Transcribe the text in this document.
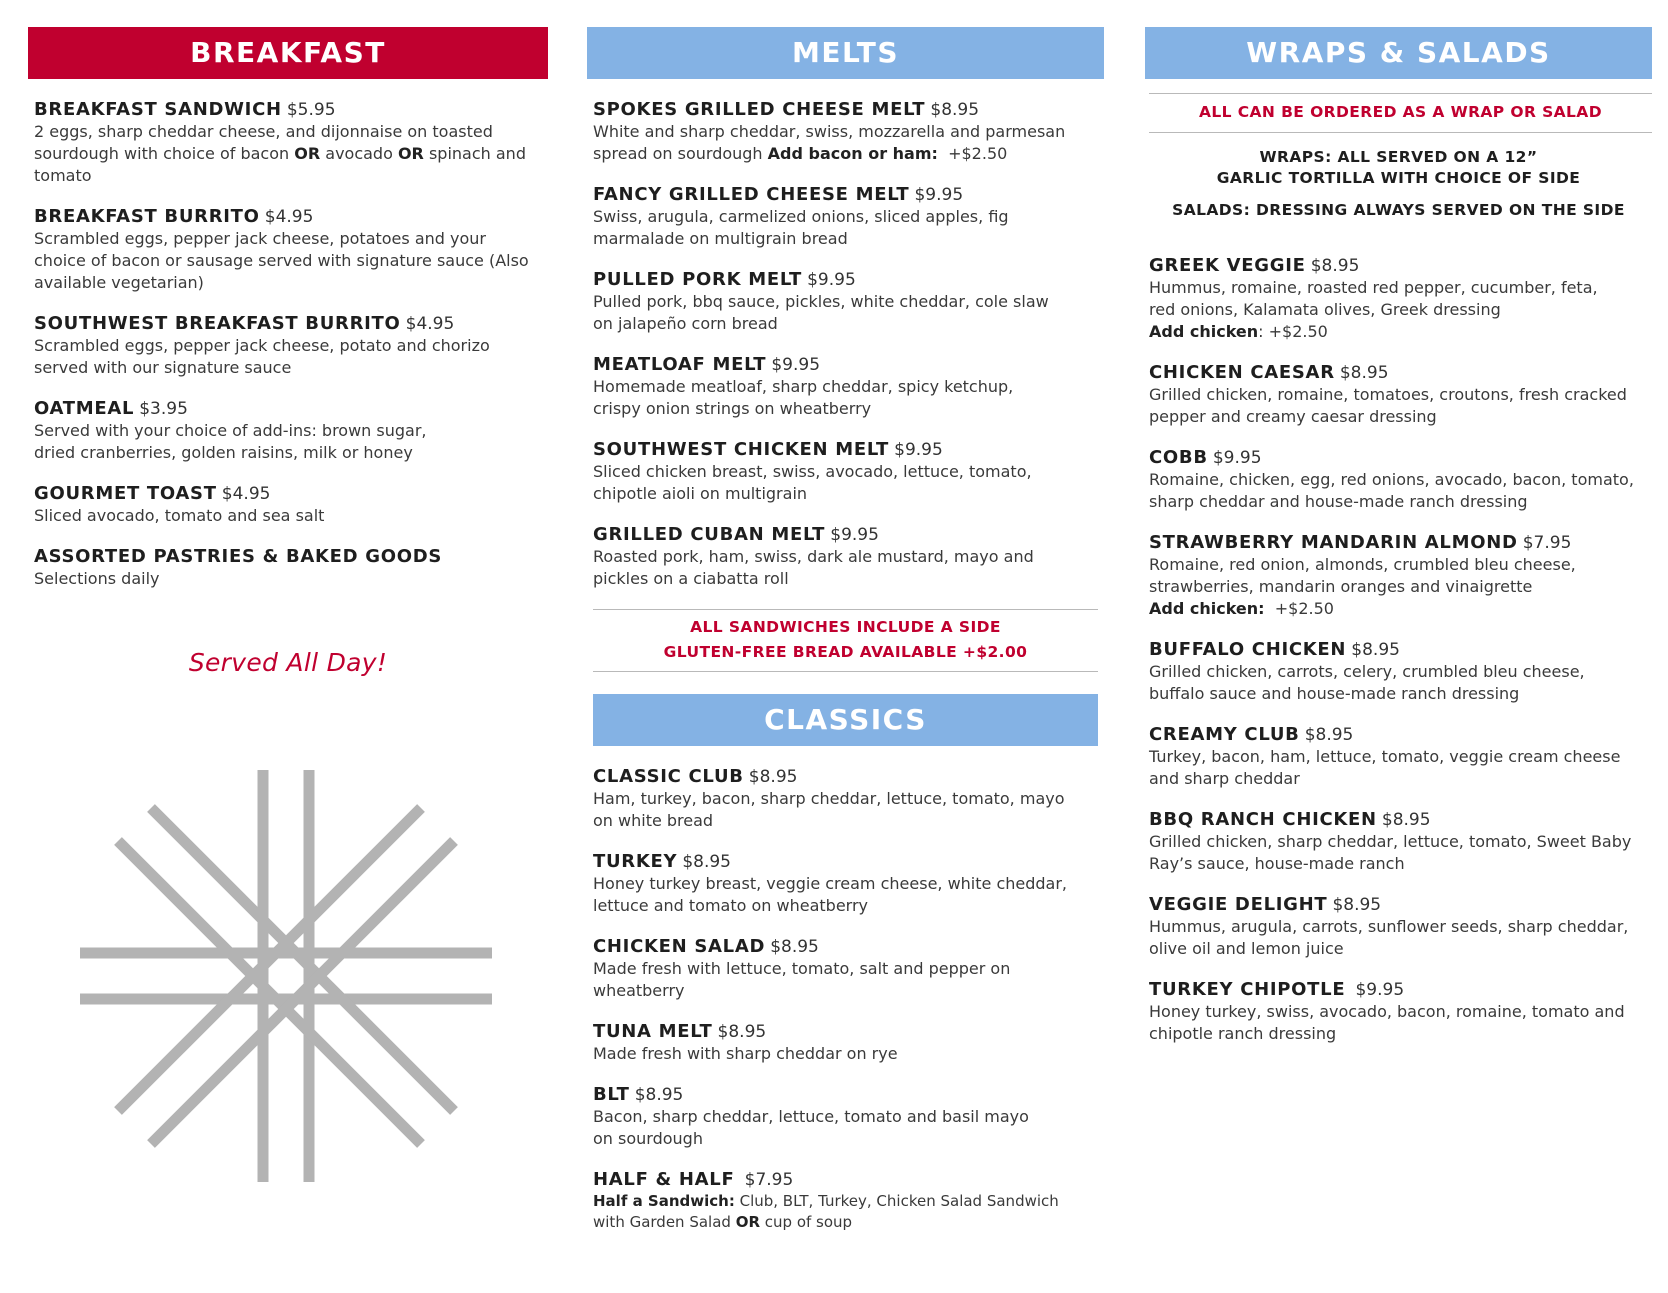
BREAKFAST
BREAKFAST SANDWICH $5.95
2 eggs, sharp cheddar cheese, and dijonnaise on toasted sourdough with choice of bacon OR avocado OR spinach and tomato
BREAKFAST BURRITO $4.95
Scrambled eggs, pepper jack cheese, potatoes and your choice of bacon or sausage served with signature sauce (Also available vegetarian)
SOUTHWEST BREAKFAST BURRITO $4.95
Scrambled eggs, pepper jack cheese, potato and chorizo served with our signature sauce
OATMEAL $3.95
Served with your choice of add-ins: brown sugar,
dried cranberries, golden raisins, milk or honey
GOURMET TOAST $4.95
Sliced avocado, tomato and sea salt
ASSORTED PASTRIES & BAKED GOODS
Selections daily
Served All Day!
MELTS
SPOKES GRILLED CHEESE MELT $8.95
White and sharp cheddar, swiss, mozzarella and parmesan
spread on sourdough Add bacon or ham: +$2.50
FANCY GRILLED CHEESE MELT $9.95
Swiss, arugula, carmelized onions, sliced apples, fig
marmalade on multigrain bread
PULLED PORK MELT $9.95
Pulled pork, bbq sauce, pickles, white cheddar, cole slaw
on jalapeño corn bread
MEATLOAF MELT $9.95
Homemade meatloaf, sharp cheddar, spicy ketchup,
crispy onion strings on wheatberry
SOUTHWEST CHICKEN MELT $9.95
Sliced chicken breast, swiss, avocado, lettuce, tomato,
chipotle aioli on multigrain
GRILLED CUBAN MELT $9.95
Roasted pork, ham, swiss, dark ale mustard, mayo and
pickles on a ciabatta roll
ALL SANDWICHES INCLUDE A SIDE
GLUTEN-FREE BREAD AVAILABLE +$2.00
CLASSICS
CLASSIC CLUB $8.95
Ham, turkey, bacon, sharp cheddar, lettuce, tomato, mayo
on white bread
TURKEY $8.95
Honey turkey breast, veggie cream cheese, white cheddar,
lettuce and tomato on wheatberry
CHICKEN SALAD $8.95
Made fresh with lettuce, tomato, salt and pepper on wheatberry
TUNA MELT $8.95
Made fresh with sharp cheddar on rye
BLT $8.95
Bacon, sharp cheddar, lettuce, tomato and basil mayo
on sourdough
HALF & HALF $7.95
Half a Sandwich: Club, BLT, Turkey, Chicken Salad Sandwich
with Garden Salad OR cup of soup
WRAPS & SALADS
ALL CAN BE ORDERED AS A WRAP OR SALAD
WRAPS: ALL SERVED ON A 12”
GARLIC TORTILLA WITH CHOICE OF SIDE
SALADS: DRESSING ALWAYS SERVED ON THE SIDE
GREEK VEGGIE $8.95
Hummus, romaine, roasted red pepper, cucumber, feta,
red onions, Kalamata olives, Greek dressing
Add chicken: +$2.50
CHICKEN CAESAR $8.95
Grilled chicken, romaine, tomatoes, croutons, fresh cracked
pepper and creamy caesar dressing
COBB $9.95
Romaine, chicken, egg, red onions, avocado, bacon, tomato,
sharp cheddar and house-made ranch dressing
STRAWBERRY MANDARIN ALMOND $7.95
Romaine, red onion, almonds, crumbled bleu cheese,
strawberries, mandarin oranges and vinaigrette
Add chicken:  +$2.50
BUFFALO CHICKEN $8.95
Grilled chicken, carrots, celery, crumbled bleu cheese,
buffalo sauce and house-made ranch dressing
CREAMY CLUB $8.95
Turkey, bacon, ham, lettuce, tomato, veggie cream cheese
and sharp cheddar
BBQ RANCH CHICKEN $8.95
Grilled chicken, sharp cheddar, lettuce, tomato, Sweet Baby
Ray’s sauce, house-made ranch
VEGGIE DELIGHT $8.95
Hummus, arugula, carrots, sunflower seeds, sharp cheddar,
olive oil and lemon juice
TURKEY CHIPOTLE $9.95
Honey turkey, swiss, avocado, bacon, romaine, tomato and
chipotle ranch dressing
